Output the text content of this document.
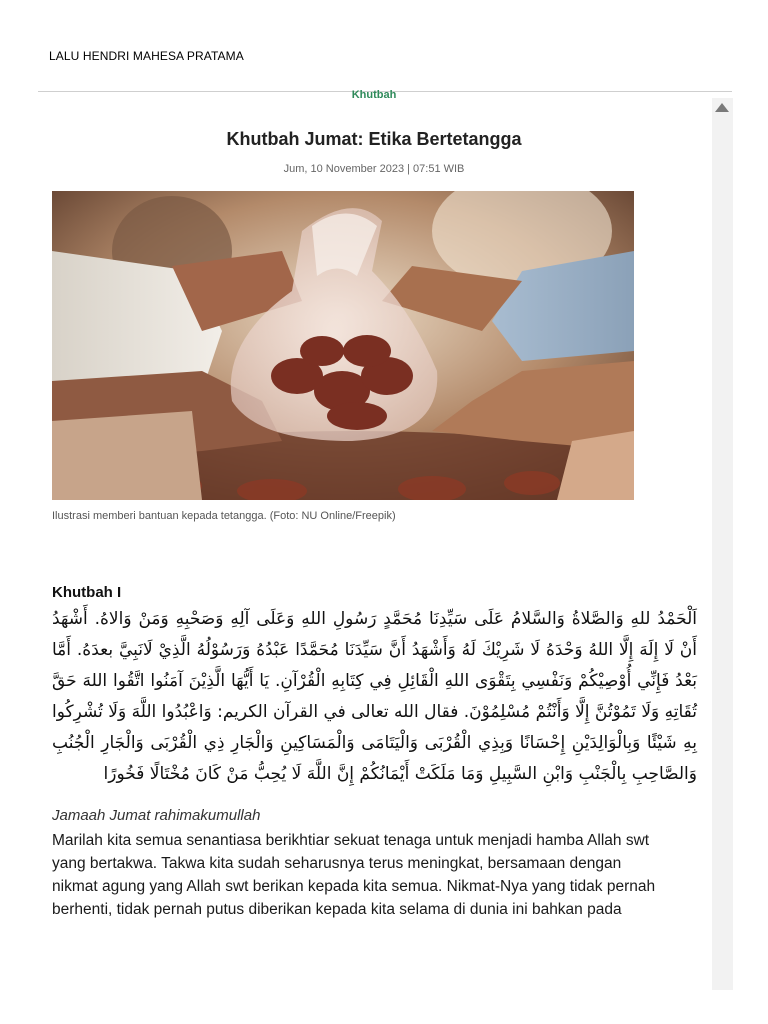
LALU HENDRI MAHESA PRATAMA
Khutbah
Khutbah Jumat: Etika Bertetangga
Jum, 10 November 2023 | 07:51 WIB
Ilustrasi memberi bantuan kepada tetangga. (Foto: NU Online/Freepik)
Khutbah I
اَلْحَمْدُ للهِ وَالصَّلاةُ وَالسَّلامُ عَلَى سَيِّدِنَا مُحَمَّدٍ رَسُولِ اللهِ وَعَلَى آلِهِ وَصَحْبِهِ وَمَنْ وَالاهُ. أَشْهَدُ أَنْ لَا إِلَهَ إِلَّا اللهُ وَحْدَهُ لَا شَرِيْكَ لَهُ وَأَشْهَدُ أَنَّ سَيِّدَنَا مُحَمَّدًا عَبْدُهُ وَرَسُوْلُهُ الَّذِيْ لَانَبِيَّ بعدَهُ. أَمَّا بَعْدُ فَإِنِّي أُوْصِيْكُمْ وَنَفْسِي بِتَقْوَى اللهِ الْقَائِلِ فِي كِتَابِهِ الْقُرْآنِ. يَا أَيُّهَا الَّذِيْنَ آمَنُوا اتَّقُوا اللهَ حَقَّ تُقَاتِهِ وَلَا تَمُوْتُنَّ إِلَّا وَأَنْتُمْ مُسْلِمُوْنَ. فقال الله تعالى في القرآن الكريم: وَاعْبُدُوا اللَّهَ وَلَا تُشْرِكُوا بِهِ شَيْئًا وَبِالْوَالِدَيْنِ إِحْسَانًا وَبِذِي الْقُرْبَى وَالْيَتَامَى وَالْمَسَاكِينِ وَالْجَارِ ذِي الْقُرْبَى وَالْجَارِ الْجُنُبِ وَالصَّاحِبِ بِالْجَنْبِ وَابْنِ السَّبِيلِ وَمَا مَلَكَتْ أَيْمَانُكُمْ إِنَّ اللَّهَ لَا يُحِبُّ مَنْ كَانَ مُخْتَالًا فَخُورًا
Jamaah Jumat rahimakumullah
Marilah kita semua senantiasa berikhtiar sekuat tenaga untuk menjadi hamba Allah swt
yang bertakwa. Takwa kita sudah seharusnya terus meningkat, bersamaan dengan
nikmat agung yang Allah swt berikan kepada kita semua. Nikmat-Nya yang tidak pernah
berhenti, tidak pernah putus diberikan kepada kita selama di dunia ini bahkan pada
